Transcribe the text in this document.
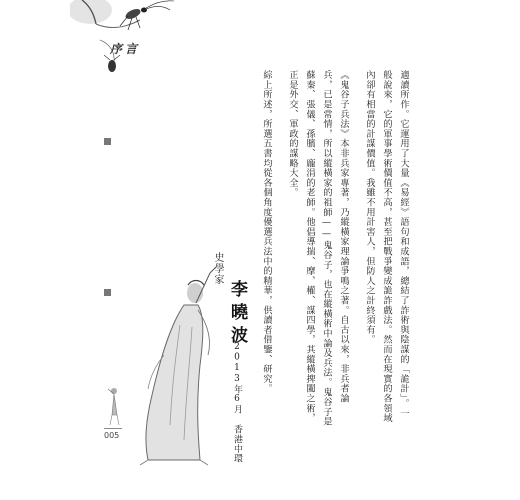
序言
適讀所作。它運用了大量《易經》語句和成語，總結了詐術與陰謀的「詭計」。一
般說來，它的軍事學術價值不高，甚至把戰爭變成詭詐戲法。然而在現實的各領域
內卻有相當的計謀價值。我雖不用計害人，但防人之計終須有。
《鬼谷子兵法》本非兵家專著，乃縱橫家理論爭鳴之著。自古以來，非兵者論
兵，已是常情，所以縱橫家的祖師——鬼谷子，也在縱橫術中論及兵法。鬼谷子是
蘇秦、張儀、孫臏、龐涓的老師。他倡導揣、摩、權、謀四學，其縱橫捭闔之術，
正是外交、軍政的謀略大全。
綜上所述，所選五書均從各個角度優選兵法中的精華，供讀者借鑒、研究。
史學家
李曉波
2013年6月 香港中環
005
